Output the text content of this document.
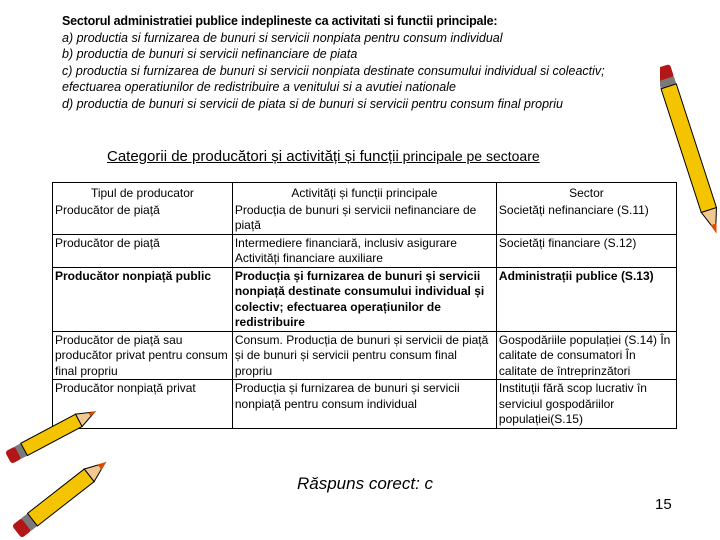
Sectorul administratiei publice indeplineste ca activitati si functii principale:
a) productia si furnizarea de bunuri si servicii nonpiata pentru consum individual
b) productia de bunuri si servicii nefinanciare de piata
c) productia si furnizarea de bunuri si servicii nonpiata destinate consumului individual si coleactiv; efectuarea operatiunilor de redistribuire a venitului si a avutiei nationale
d) productia de bunuri si servicii de piata si de bunuri si servicii pentru consum final propriu
Categorii de producători și activități și funcții principale pe sectoare
Tipul de producator	Activități și funcții principale	Sector
Producător de piață	Producția de bunuri și servicii nefinanciare de piață	Societăți nefinanciare (S.11)
Producător de piață	Intermediere financiară, inclusiv asigurare Activități financiare auxiliare	Societăți financiare (S.12)
Producător nonpiață public	Producția și furnizarea de bunuri și servicii nonpiață destinate consumului individual și colectiv; efectuarea operațiunilor de redistribuire	Administrații publice (S.13)
Producător de piață sau producător privat pentru consum final propriu	Consum. Producția de bunuri și servicii de piață și de bunuri și servicii pentru consum final propriu	Gospodăriile populației (S.14) În calitate de consumatori În calitate de întreprinzători
Producător nonpiață privat	Producția și furnizarea de bunuri și servicii nonpiață pentru consum individual	Instituții fără scop lucrativ în serviciul gospodăriilor populației(S.15)
Răspuns corect: c
15
